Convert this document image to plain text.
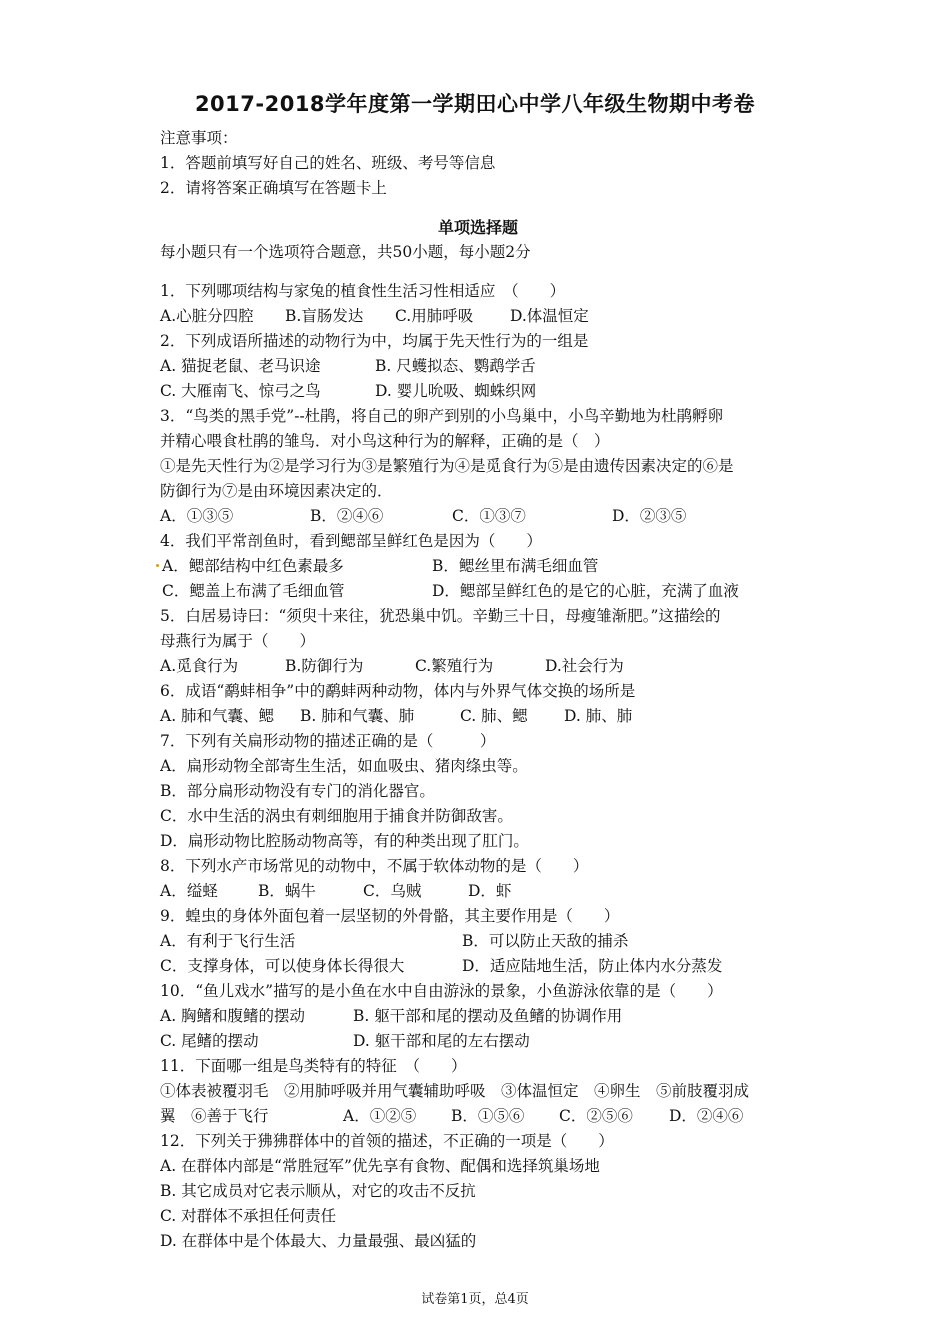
2017-2018学年度第一学期田心中学八年级生物期中考卷
注意事项：
1．答题前填写好自己的姓名、班级、考号等信息
2．请将答案正确填写在答题卡上
单项选择题
每小题只有一个选项符合题意，共50小题，每小题2分
1．下列哪项结构与家兔的植食性生活习性相适应　（　　）
A.心脏分四腔	B.盲肠发达	C.用肺呼吸	D.体温恒定
2．下列成语所描述的动物行为中，均属于先天性行为的一组是
A. 猫捉老鼠、老马识途	B. 尺蠖拟态、鹦鹉学舌
C. 大雁南飞、惊弓之鸟	D. 婴儿吮吸、蜘蛛织网
3．“鸟类的黑手党”--杜鹃，将自己的卵产到别的小鸟巢中，小鸟辛勤地为杜鹃孵卵
并精心喂食杜鹃的雏鸟．对小鸟这种行为的解释，正确的是（　）
①是先天性行为②是学习行为③是繁殖行为④是觅食行为⑤是由遗传因素决定的⑥是
防御行为⑦是由环境因素决定的．
A．①③⑤	B．②④⑥	C．①③⑦	D．②③⑤
4．我们平常剖鱼时，看到鳃部呈鲜红色是因为（　　）
A．鳃部结构中红色素最多	B．鳃丝里布满毛细血管
C．鳃盖上布满了毛细血管	D．鳃部呈鲜红色的是它的心脏，充满了血液
5．白居易诗曰：“须臾十来往，犹恐巢中饥。辛勤三十日，母瘦雏渐肥。”这描绘的
母燕行为属于（　　）
A.觅食行为	B.防御行为	C.繁殖行为	D.社会行为
6．成语“鹬蚌相争”中的鹬蚌两种动物，体内与外界气体交换的场所是
A. 肺和气囊、鳃	B. 肺和气囊、肺	C. 肺、鳃	D. 肺、肺
7．下列有关扁形动物的描述正确的是（　　　）
A．扁形动物全部寄生生活，如血吸虫、猪肉绦虫等。
B．部分扁形动物没有专门的消化器官。
C．水中生活的涡虫有刺细胞用于捕食并防御敌害。
D．扁形动物比腔肠动物高等，有的种类出现了肛门。
8．下列水产市场常见的动物中，不属于软体动物的是（　　）
A．缢蛏	B．蜗牛	C．乌贼	D．虾
9．蝗虫的身体外面包着一层坚韧的外骨骼，其主要作用是（　　）
A．有利于飞行生活	B．可以防止天敌的捕杀
C．支撑身体，可以使身体长得很大	D．适应陆地生活，防止体内水分蒸发
10．“鱼儿戏水”描写的是小鱼在水中自由游泳的景象，小鱼游泳依靠的是（　　）
A. 胸鳍和腹鳍的摆动	B. 躯干部和尾的摆动及鱼鳍的协调作用
C. 尾鳍的摆动	D. 躯干部和尾的左右摆动
11．下面哪一组是鸟类特有的特征　（　　）
①体表被覆羽毛　②用肺呼吸并用气囊辅助呼吸　③体温恒定　④卵生　⑤前肢覆羽成
翼　⑥善于飞行	A．①②⑤	B．①⑤⑥	C．②⑤⑥	D．②④⑥
12．下列关于狒狒群体中的首领的描述，不正确的一项是（　　）
A. 在群体内部是“常胜冠军”优先享有食物、配偶和选择筑巢场地
B. 其它成员对它表示顺从，对它的攻击不反抗
C. 对群体不承担任何责任
D. 在群体中是个体最大、力量最强、最凶猛的
试卷第1页，总4页
